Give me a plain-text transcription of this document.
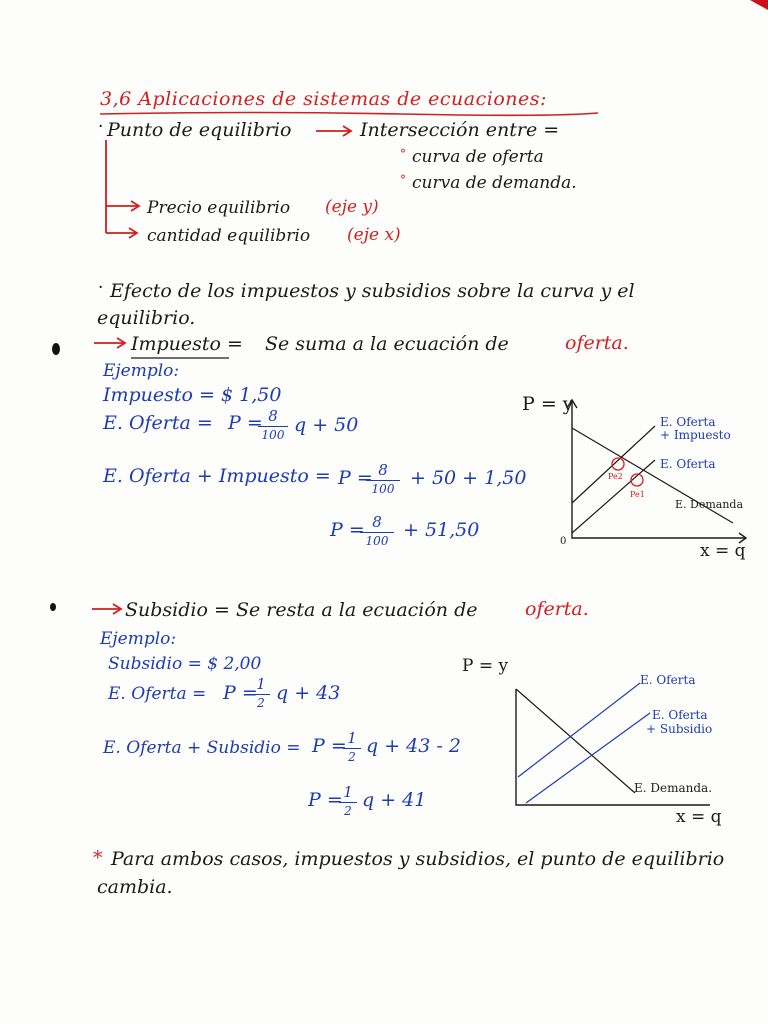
3,6 Aplicaciones de sistemas de ecuaciones:
· Punto de equilibrio	Intersección entre =
° curva de oferta
° curva de demanda.
Precio equilibrio (eje y)
cantidad equilibrio (eje x)
· Efecto de los impuestos y subsidios sobre la curva y el
equilibrio.
Impuesto = Se suma a la ecuación de	oferta.
Ejemplo:
Impuesto = $ 1,50
E. Oferta = P = 8
100 q + 50
E. Oferta + Impuesto = P = 8
100 + 50 + 1,50
P = 8
100 + 51,50
P = y
0	x = q
E. Oferta
+ Impuesto
E. Oferta
E. Demanda
Pe2
Pe1
Subsidio = Se resta a la ecuación de	oferta.
Ejemplo:
Subsidio = $ 2,00
E. Oferta = P =
1
2 q + 43
E. Oferta + Subsidio = P = 1
2 q + 43 - 2
P = 1
2 q + 41
P = y
x = q
E. Oferta
E. Oferta
+ Subsidio
E. Demanda.
* Para ambos casos, impuestos y subsidios, el punto de equilibrio
cambia.
